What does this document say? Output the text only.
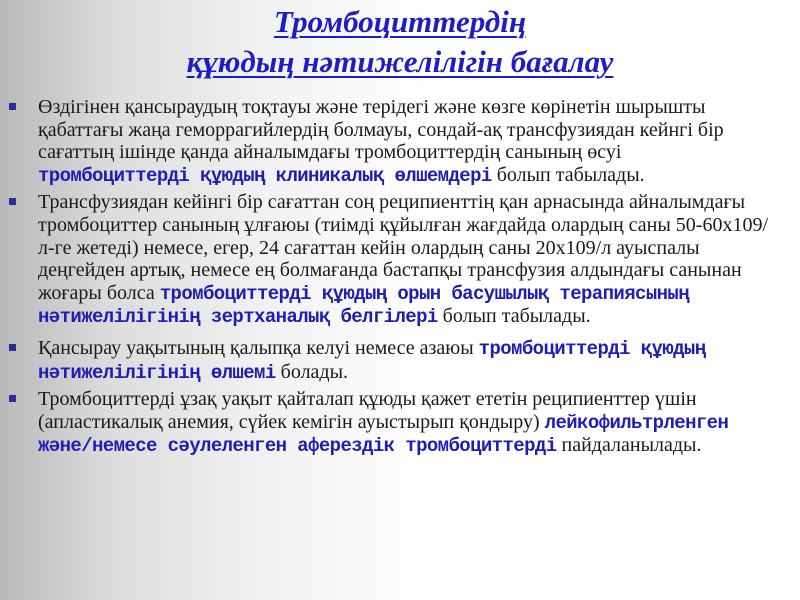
Тромбоциттердің
құюдың нәтижелілігін бағалау
Өздігінен қансыраудың тоқтауы және терідегі және көзге көрінетін шырышты қабаттағы жаңа геморрагийлердің болмауы, сондай-ақ трансфузиядан кейнгі бір сағаттың ішінде қанда айналымдағы тромбоциттердің санының өсуі тромбоциттерді құюдың клиникалық өлшемдері болып табылады.
Трансфузиядан кейінгі бір сағаттан соң реципиенттің қан арнасында айналымдағы тромбоциттер санының ұлғаюы (тиімді құйылған жағдайда олардың саны 50-60х109/л-ге жетеді) немесе, егер, 24 сағаттан кейін олардың саны 20х109/л ауыспалы деңгейден артық, немесе ең болмағанда бастапқы трансфузия алдындағы санынан жоғары болса тромбоциттерді құюдың орын басушылық терапиясының нәтижелілігінің зертханалық белгілері болып табылады.
Қансырау уақытының қалыпқа келуі немесе азаюы тромбоциттерді құюдың нәтижелілігінің өлшемі болады.
Тромбоциттерді ұзақ уақыт қайталап құюды қажет ететін реципиенттер үшін (апластикалық анемия, сүйек кемігін ауыстырып қондыру) лейкофильтрленген және/немесе сәулеленген аферездік тромбоциттерді пайдаланылады.
